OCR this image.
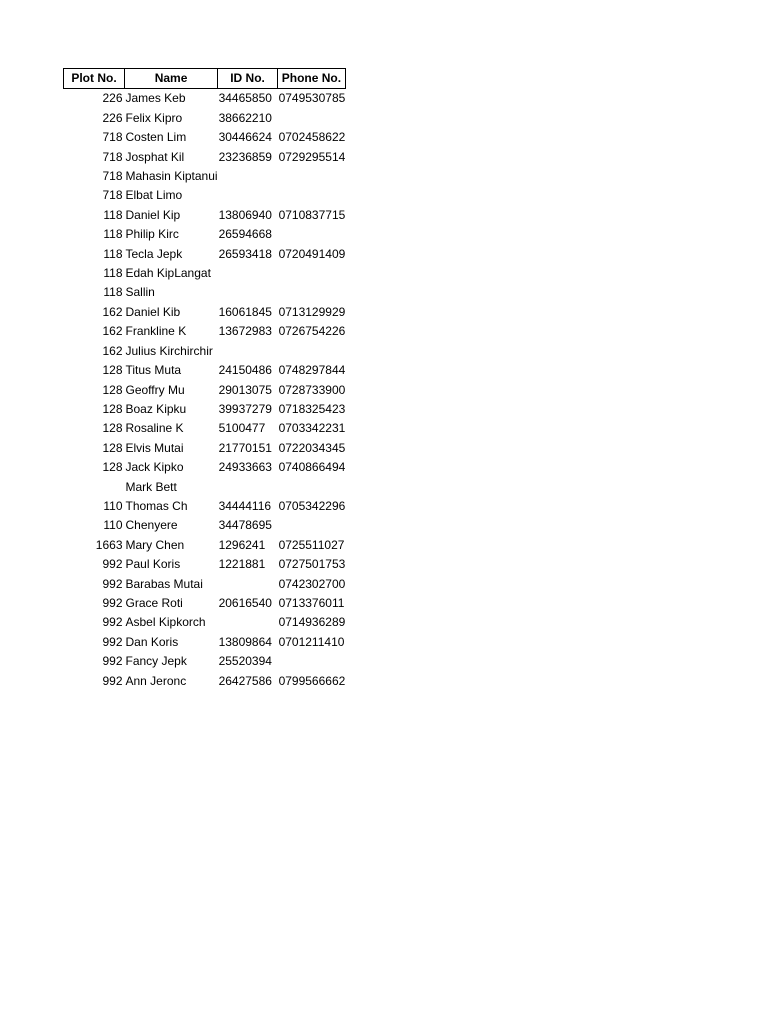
Plot No.	Name	ID No.	Phone No.
226	James Keb	34465850	0749530785
226	Felix Kipro	38662210	
718	Costen Lim	30446624	0702458622
718	Josphat Kil	23236859	0729295514
718	Mahasin Kiptanui		
718	Elbat Limo		
118	Daniel Kip	13806940	0710837715
118	Philip Kirc	26594668	
118	Tecla Jepk	26593418	0720491409
118	Edah KipLangat		
118	Sallin		
162	Daniel Kib	16061845	0713129929
162	Frankline K	13672983	0726754226
162	Julius Kirchirchir		
128	Titus Muta	24150486	0748297844
128	Geoffry Mu	29013075	0728733900
128	Boaz Kipku	39937279	0718325423
128	Rosaline K	5100477	0703342231
128	Elvis Mutai	21770151	0722034345
128	Jack Kipko	24933663	0740866494
	Mark Bett		
110	Thomas Ch	34444116	0705342296
110	Chenyere	34478695	
1663	Mary Chen	1296241	0725511027
992	Paul Koris	1221881	0727501753
992	Barabas Mutai		0742302700
992	Grace Roti	20616540	0713376011
992	Asbel Kipkorch		0714936289
992	Dan Koris	13809864	0701211410
992	Fancy Jepk	25520394	
992	Ann Jeronc	26427586	0799566662
